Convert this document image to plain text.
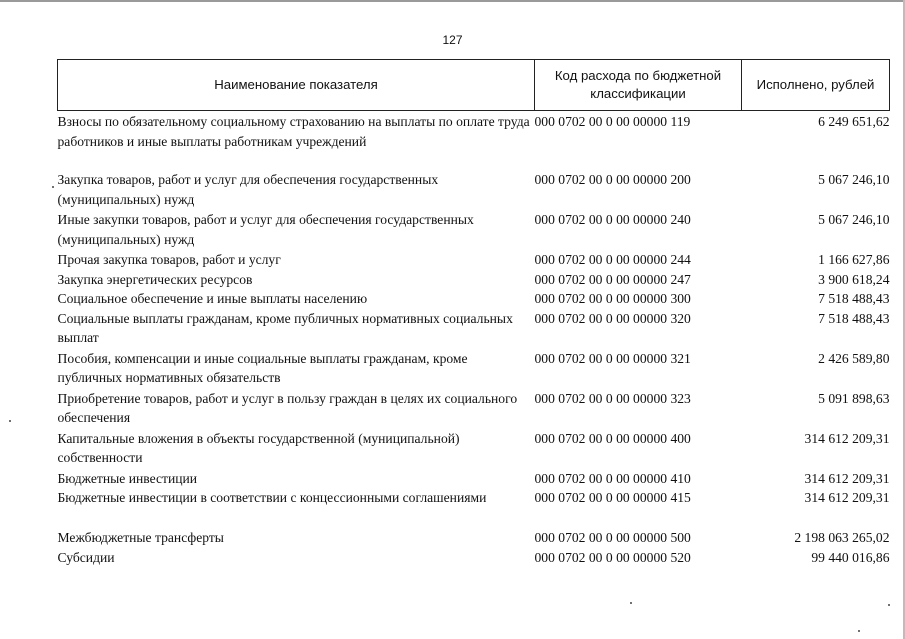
127
Наименование показателя	Код расхода по бюджетной классификации	Исполнено, рублей
Взносы по обязательному социальному страхованию на выплаты по оплате труда работников и иные выплаты работникам учреждений	000 0702 00 0 00 00000 119	6 249 651,62
Закупка товаров, работ и услуг для обеспечения государственных (муниципальных) нужд	000 0702 00 0 00 00000 200	5 067 246,10
Иные закупки товаров, работ и услуг для обеспечения государственных (муниципальных) нужд	000 0702 00 0 00 00000 240	5 067 246,10
Прочая закупка товаров, работ и услуг	000 0702 00 0 00 00000 244	1 166 627,86
Закупка энергетических ресурсов	000 0702 00 0 00 00000 247	3 900 618,24
Социальное обеспечение и иные выплаты населению	000 0702 00 0 00 00000 300	7 518 488,43
Социальные выплаты гражданам, кроме публичных нормативных социальных выплат	000 0702 00 0 00 00000 320	7 518 488,43
Пособия, компенсации и иные социальные выплаты гражданам, кроме публичных нормативных обязательств	000 0702 00 0 00 00000 321	2 426 589,80
Приобретение товаров, работ и услуг в пользу граждан в целях их социального обеспечения	000 0702 00 0 00 00000 323	5 091 898,63
Капитальные вложения в объекты государственной (муниципальной) собственности	000 0702 00 0 00 00000 400	314 612 209,31
Бюджетные инвестиции	000 0702 00 0 00 00000 410	314 612 209,31
Бюджетные инвестиции в соответствии с концессионными соглашениями	000 0702 00 0 00 00000 415	314 612 209,31
Межбюджетные трансферты	000 0702 00 0 00 00000 500	2 198 063 265,02
Субсидии	000 0702 00 0 00 00000 520	99 440 016,86
